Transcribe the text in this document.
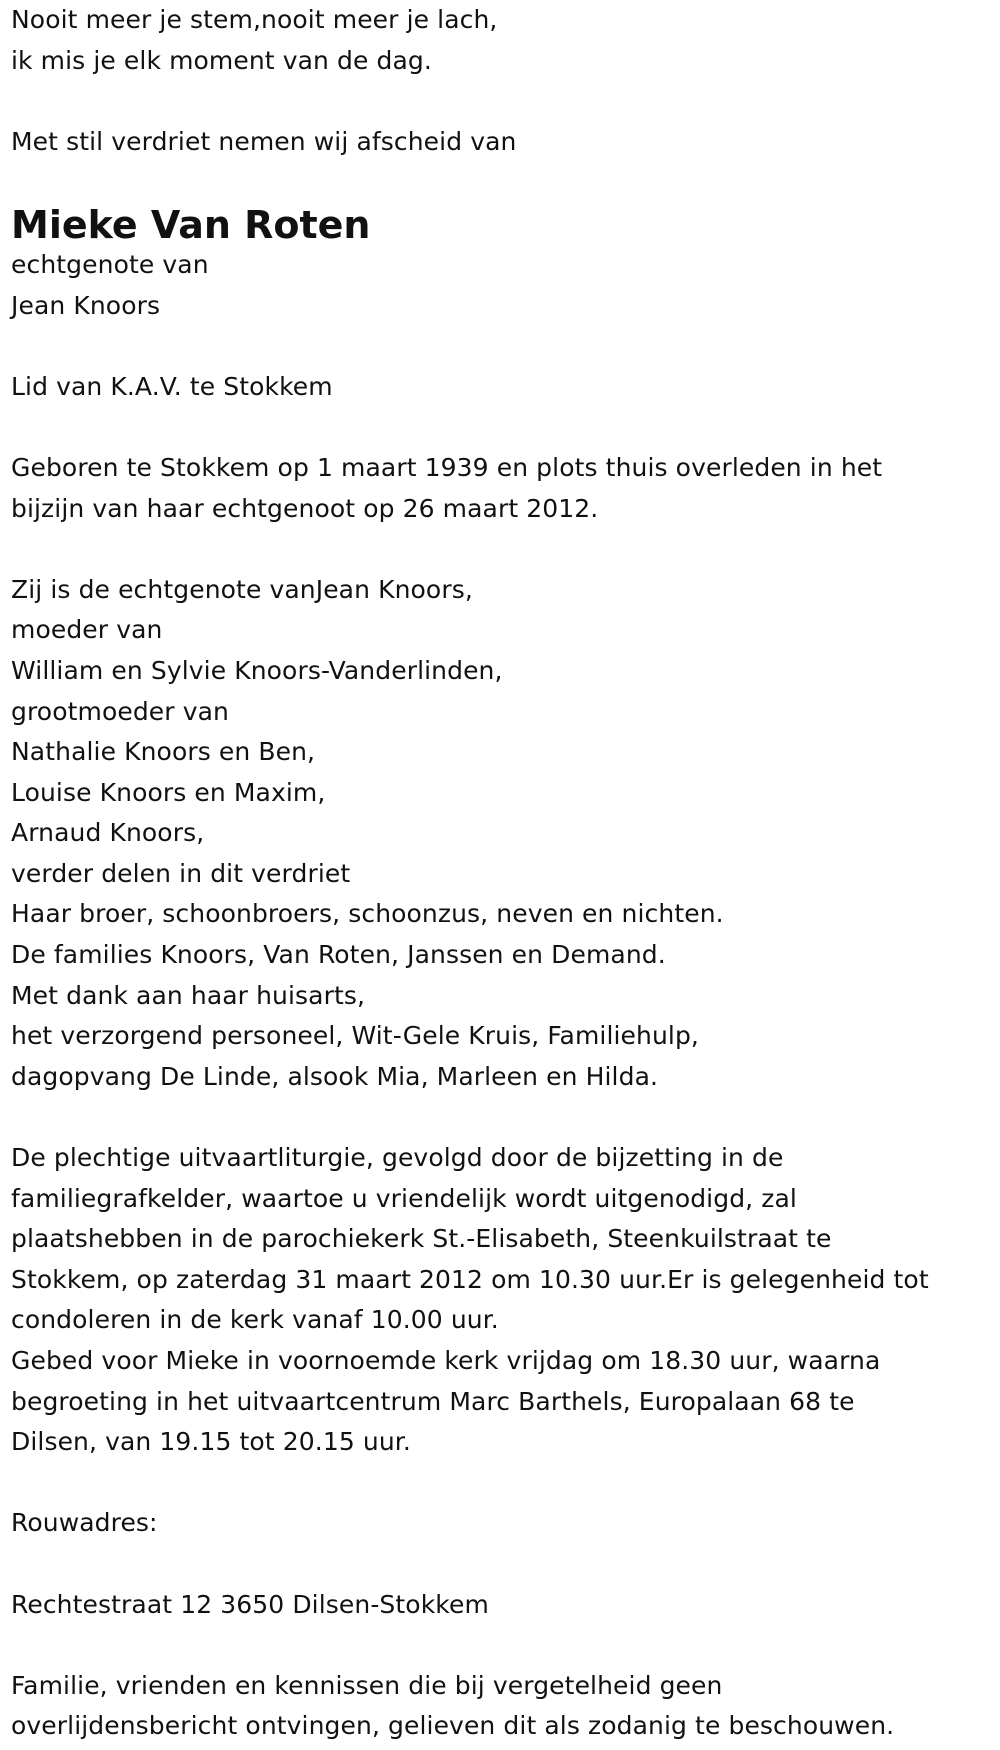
Nooit meer je stem,nooit meer je lach,
ik mis je elk moment van de dag.
Met stil verdriet nemen wij afscheid van
Mieke Van Roten
echtgenote van
Jean Knoors
Lid van K.A.V. te Stokkem
Geboren te Stokkem op 1 maart 1939 en plots thuis overleden in het
bijzijn van haar echtgenoot op 26 maart 2012.
Zij is de echtgenote vanJean Knoors,
moeder van
William en Sylvie Knoors-Vanderlinden,
grootmoeder van
Nathalie Knoors en Ben,
Louise Knoors en Maxim,
Arnaud Knoors,
verder delen in dit verdriet
Haar broer, schoonbroers, schoonzus, neven en nichten.
De families Knoors, Van Roten, Janssen en Demand.
Met dank aan haar huisarts,
het verzorgend personeel, Wit-Gele Kruis, Familiehulp,
dagopvang De Linde, alsook Mia, Marleen en Hilda.
De plechtige uitvaartliturgie, gevolgd door de bijzetting in de
familiegrafkelder, waartoe u vriendelijk wordt uitgenodigd, zal
plaatshebben in de parochiekerk St.-Elisabeth, Steenkuilstraat te
Stokkem, op zaterdag 31 maart 2012 om 10.30 uur.Er is gelegenheid tot
condoleren in de kerk vanaf 10.00 uur.
Gebed voor Mieke in voornoemde kerk vrijdag om 18.30 uur, waarna
begroeting in het uitvaartcentrum Marc Barthels, Europalaan 68 te
Dilsen, van 19.15 tot 20.15 uur.
Rouwadres:
Rechtestraat 12 3650 Dilsen-Stokkem
Familie, vrienden en kennissen die bij vergetelheid geen
overlijdensbericht ontvingen, gelieven dit als zodanig te beschouwen.
